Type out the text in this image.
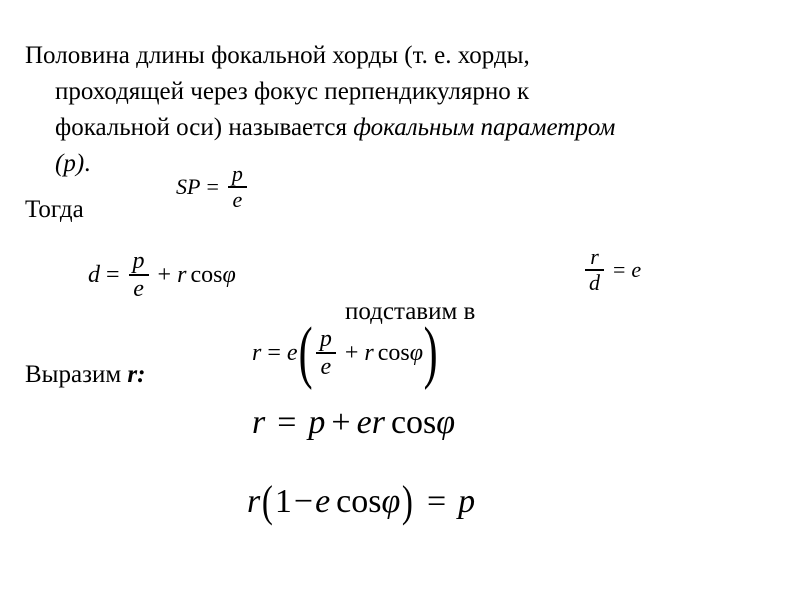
Половина длины фокальной хорды (т. е. хорды,
проходящей через фокус перпендикулярно к
фокальной оси) называется фокальным параметром
(p).
SP = $\frac{p}{e}$
Тогда
$d = \frac{p}{e} + r$ cos φ	$\frac{r}{d} = e$
подставим в
Выразим r:
r = e ( $\frac{p}{e} + r$ cos φ )
r = p + er cos φ
r ( 1 − e cos φ ) = p
